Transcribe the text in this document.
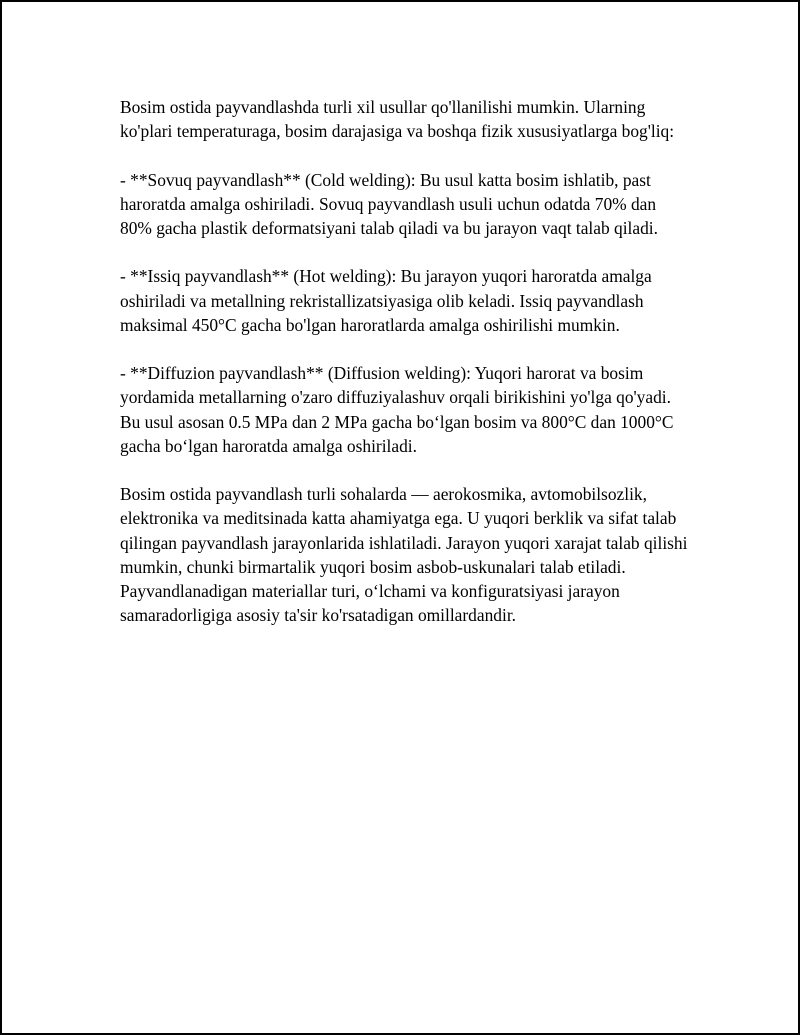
Bosim ostida payvandlashda turli xil usullar qo'llanilishi mumkin. Ularning ko'plari temperaturaga, bosim darajasiga va boshqa fizik xususiyatlarga bog'liq:

- **Sovuq payvandlash** (Cold welding): Bu usul katta bosim ishlatib, past haroratda amalga oshiriladi. Sovuq payvandlash usuli uchun odatda 70% dan 80% gacha plastik deformatsiyani talab qiladi va bu jarayon vaqt talab qiladi.

- **Issiq payvandlash** (Hot welding): Bu jarayon yuqori haroratda amalga oshiriladi va metallning rekristallizatsiyasiga olib keladi. Issiq payvandlash maksimal 450°C gacha bo'lgan haroratlarda amalga oshirilishi mumkin.

- **Diffuzion payvandlash** (Diffusion welding): Yuqori harorat va bosim yordamida metallarning o'zaro diffuziyalashuv orqali birikishini yo'lga qo'yadi. Bu usul asosan 0.5 MPa dan 2 MPa gacha bo‘lgan bosim va 800°C dan 1000°C gacha bo‘lgan haroratda amalga oshiriladi.

Bosim ostida payvandlash turli sohalarda — aerokosmika, avtomobilsozlik, elektronika va meditsinada katta ahamiyatga ega. U yuqori berklik va sifat talab qilingan payvandlash jarayonlarida ishlatiladi. Jarayon yuqori xarajat talab qilishi mumkin, chunki birmartalik yuqori bosim asbob-uskunalari talab etiladi. Payvandlanadigan materiallar turi, o‘lchami va konfiguratsiyasi jarayon samaradorligiga asosiy ta'sir ko'rsatadigan omillardandir.
